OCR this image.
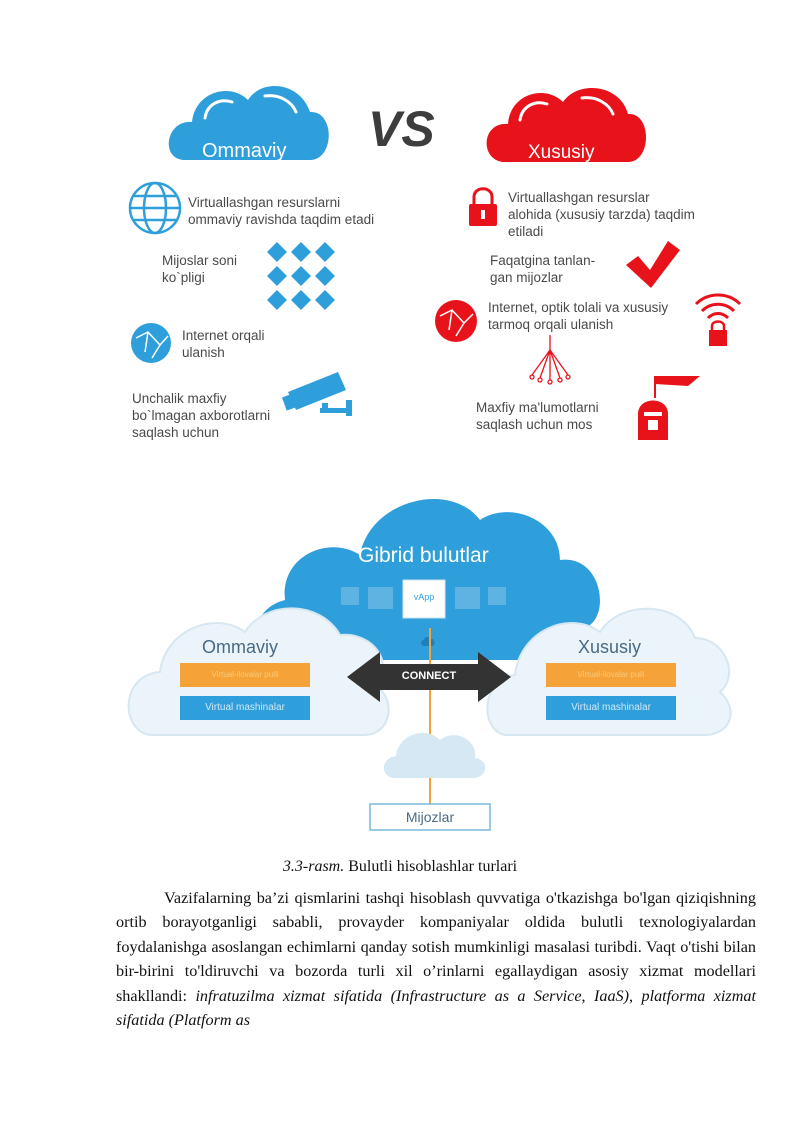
VS
Ommaviy	Xususiy
Virtuallashgan resurslarni
ommaviy ravishda taqdim etadi
Mijoslar soni
ko`pligi
Internet orqali
ulanish
Unchalik maxfiy
bo`lmagan axborotlarni
saqlash uchun
Virtuallashgan resurslar
alohida (xususiy tarzda) taqdim
etiladi
Faqatgina tanlan-
gan mijozlar
Internet, optik tolali va xususiy
tarmoq orqali ulanish
Maxfiy ma'lumotlarni
saqlash uchun mos
Gibrid bulutlar
vApp
Ommaviy	Xususiy
Virtual-ilovalar pulli
Virtual mashinalar
Virtual-ilovalar pulli
Virtual mashinalar
CONNECT
Mijozlar
3.3-rasm. Bulutli hisoblashlar turlari

Vazifalarning ba’zi qismlarini tashqi hisoblash quvvatiga o'tkazishga bo'lgan qiziqishning ortib borayotganligi sababli, provayder kompaniyalar oldida bulutli texnologiyalardan foydalanishga asoslangan echimlarni qanday sotish mumkinligi masalasi turibdi. Vaqt o'tishi bilan bir-birini to'ldiruvchi va bozorda turli xil o’rinlarni egallaydigan asosiy xizmat modellari shakllandi: infratuzilma xizmat sifatida (Infrastructure as a Service, IaaS), platforma xizmat sifatida (Platform as
